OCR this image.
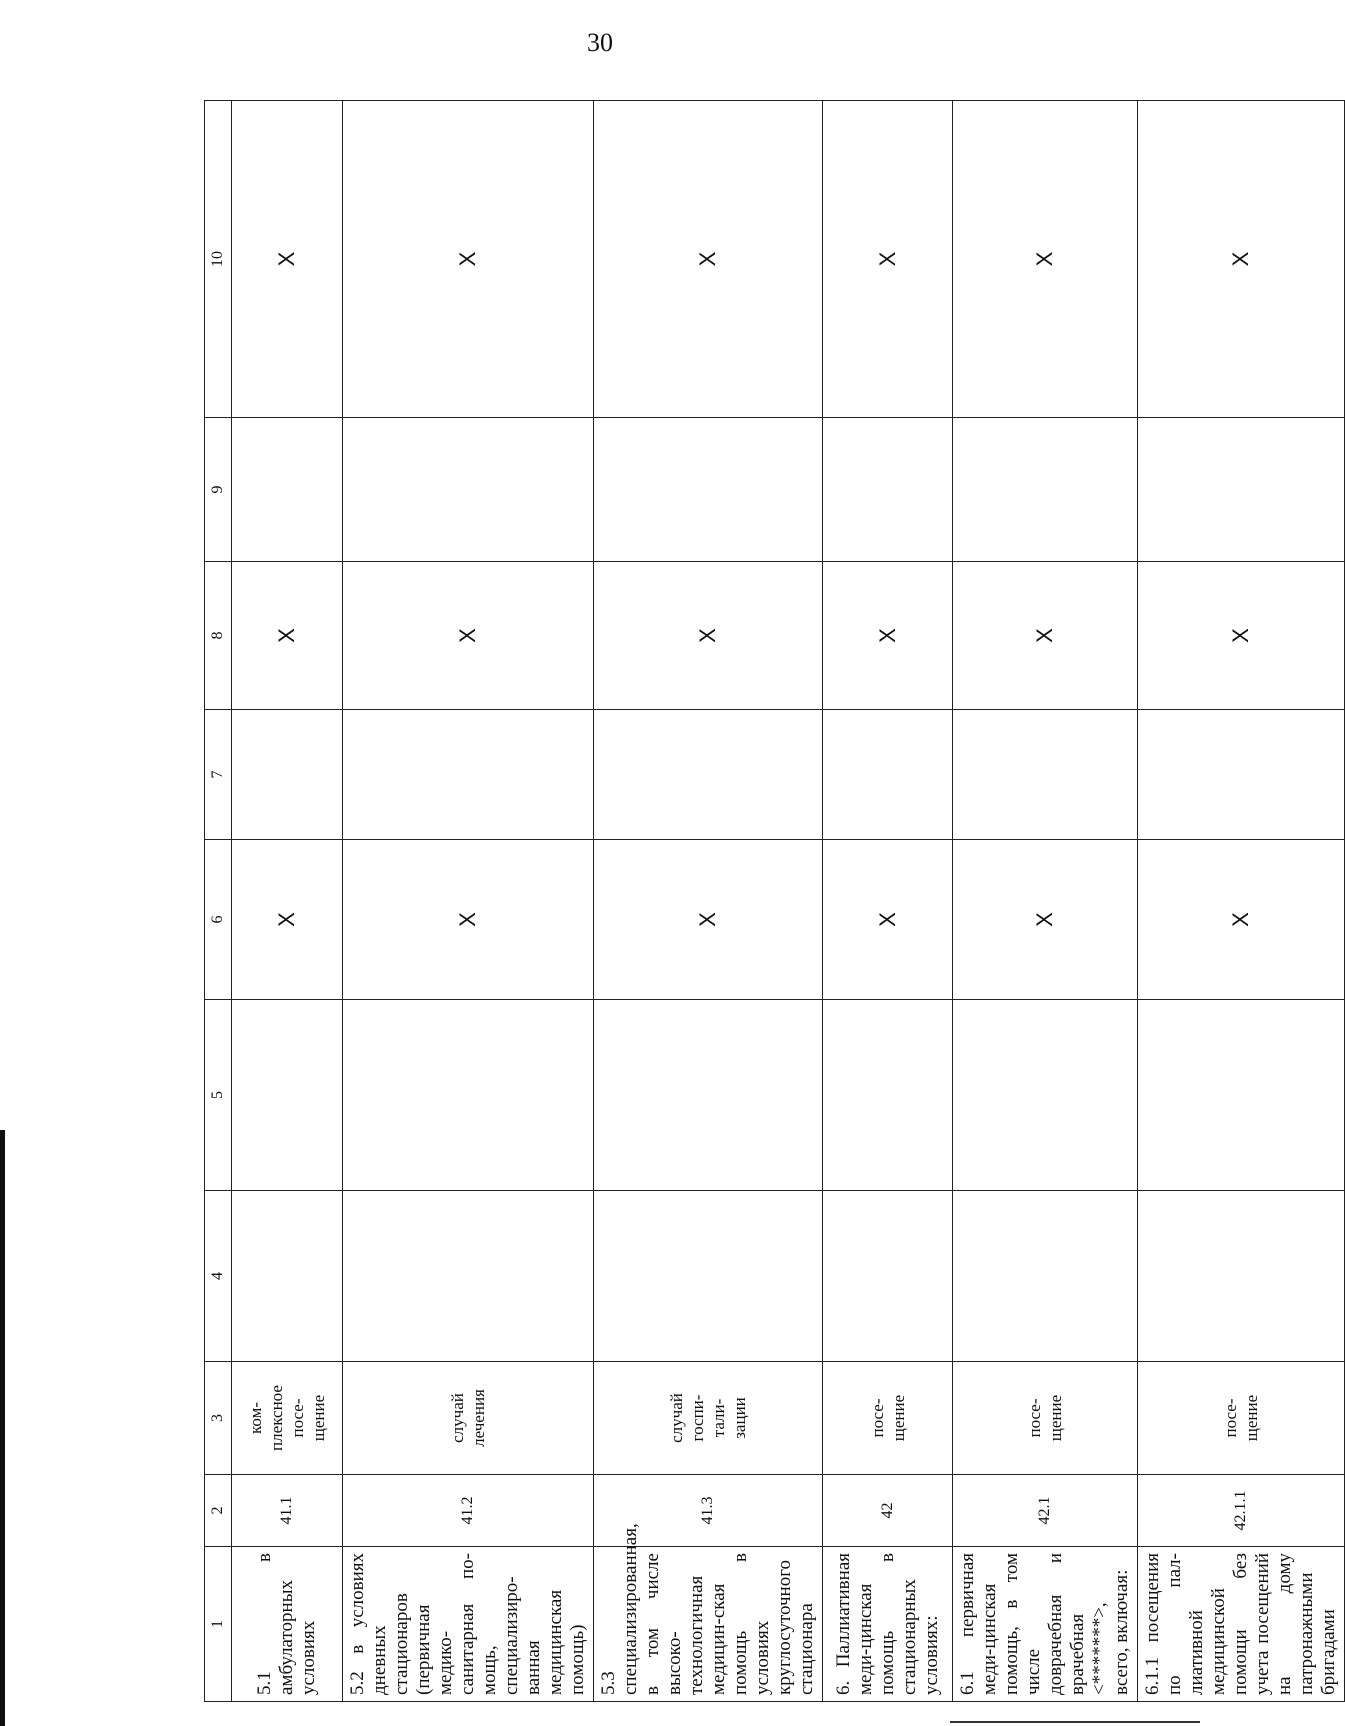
30
1	2	3	4	5	6	7	8	9	10
5.1 в амбулаторных условиях	41.1	ком- плексное посе- щение			X		X		X
5.2 в условиях дневных стационаров (первичная медико-санитарная по-мощь, специализиро-ванная медицинская помощь)	41.2	случай лечения			X		X		X
5.3 специализированная, в том числе высоко-технологичная медицин-ская помощь в условиях круглосуточного стационара	41.3	случай госпи- тали- зации			X		X		X
6. Паллиативная меди-цинская помощь в стационарных условиях:	42	посе- щение			X		X		X
6.1 первичная меди-цинская помощь, в том числе доврачебная и врачебная <*******>, всего, включая:	42.1	посе- щение			X		X		X
6.1.1 посещения по пал-лиативной медицинской помощи без учета посещений на дому патронажными бригадами	42.1.1	посе- щение			X		X		X
